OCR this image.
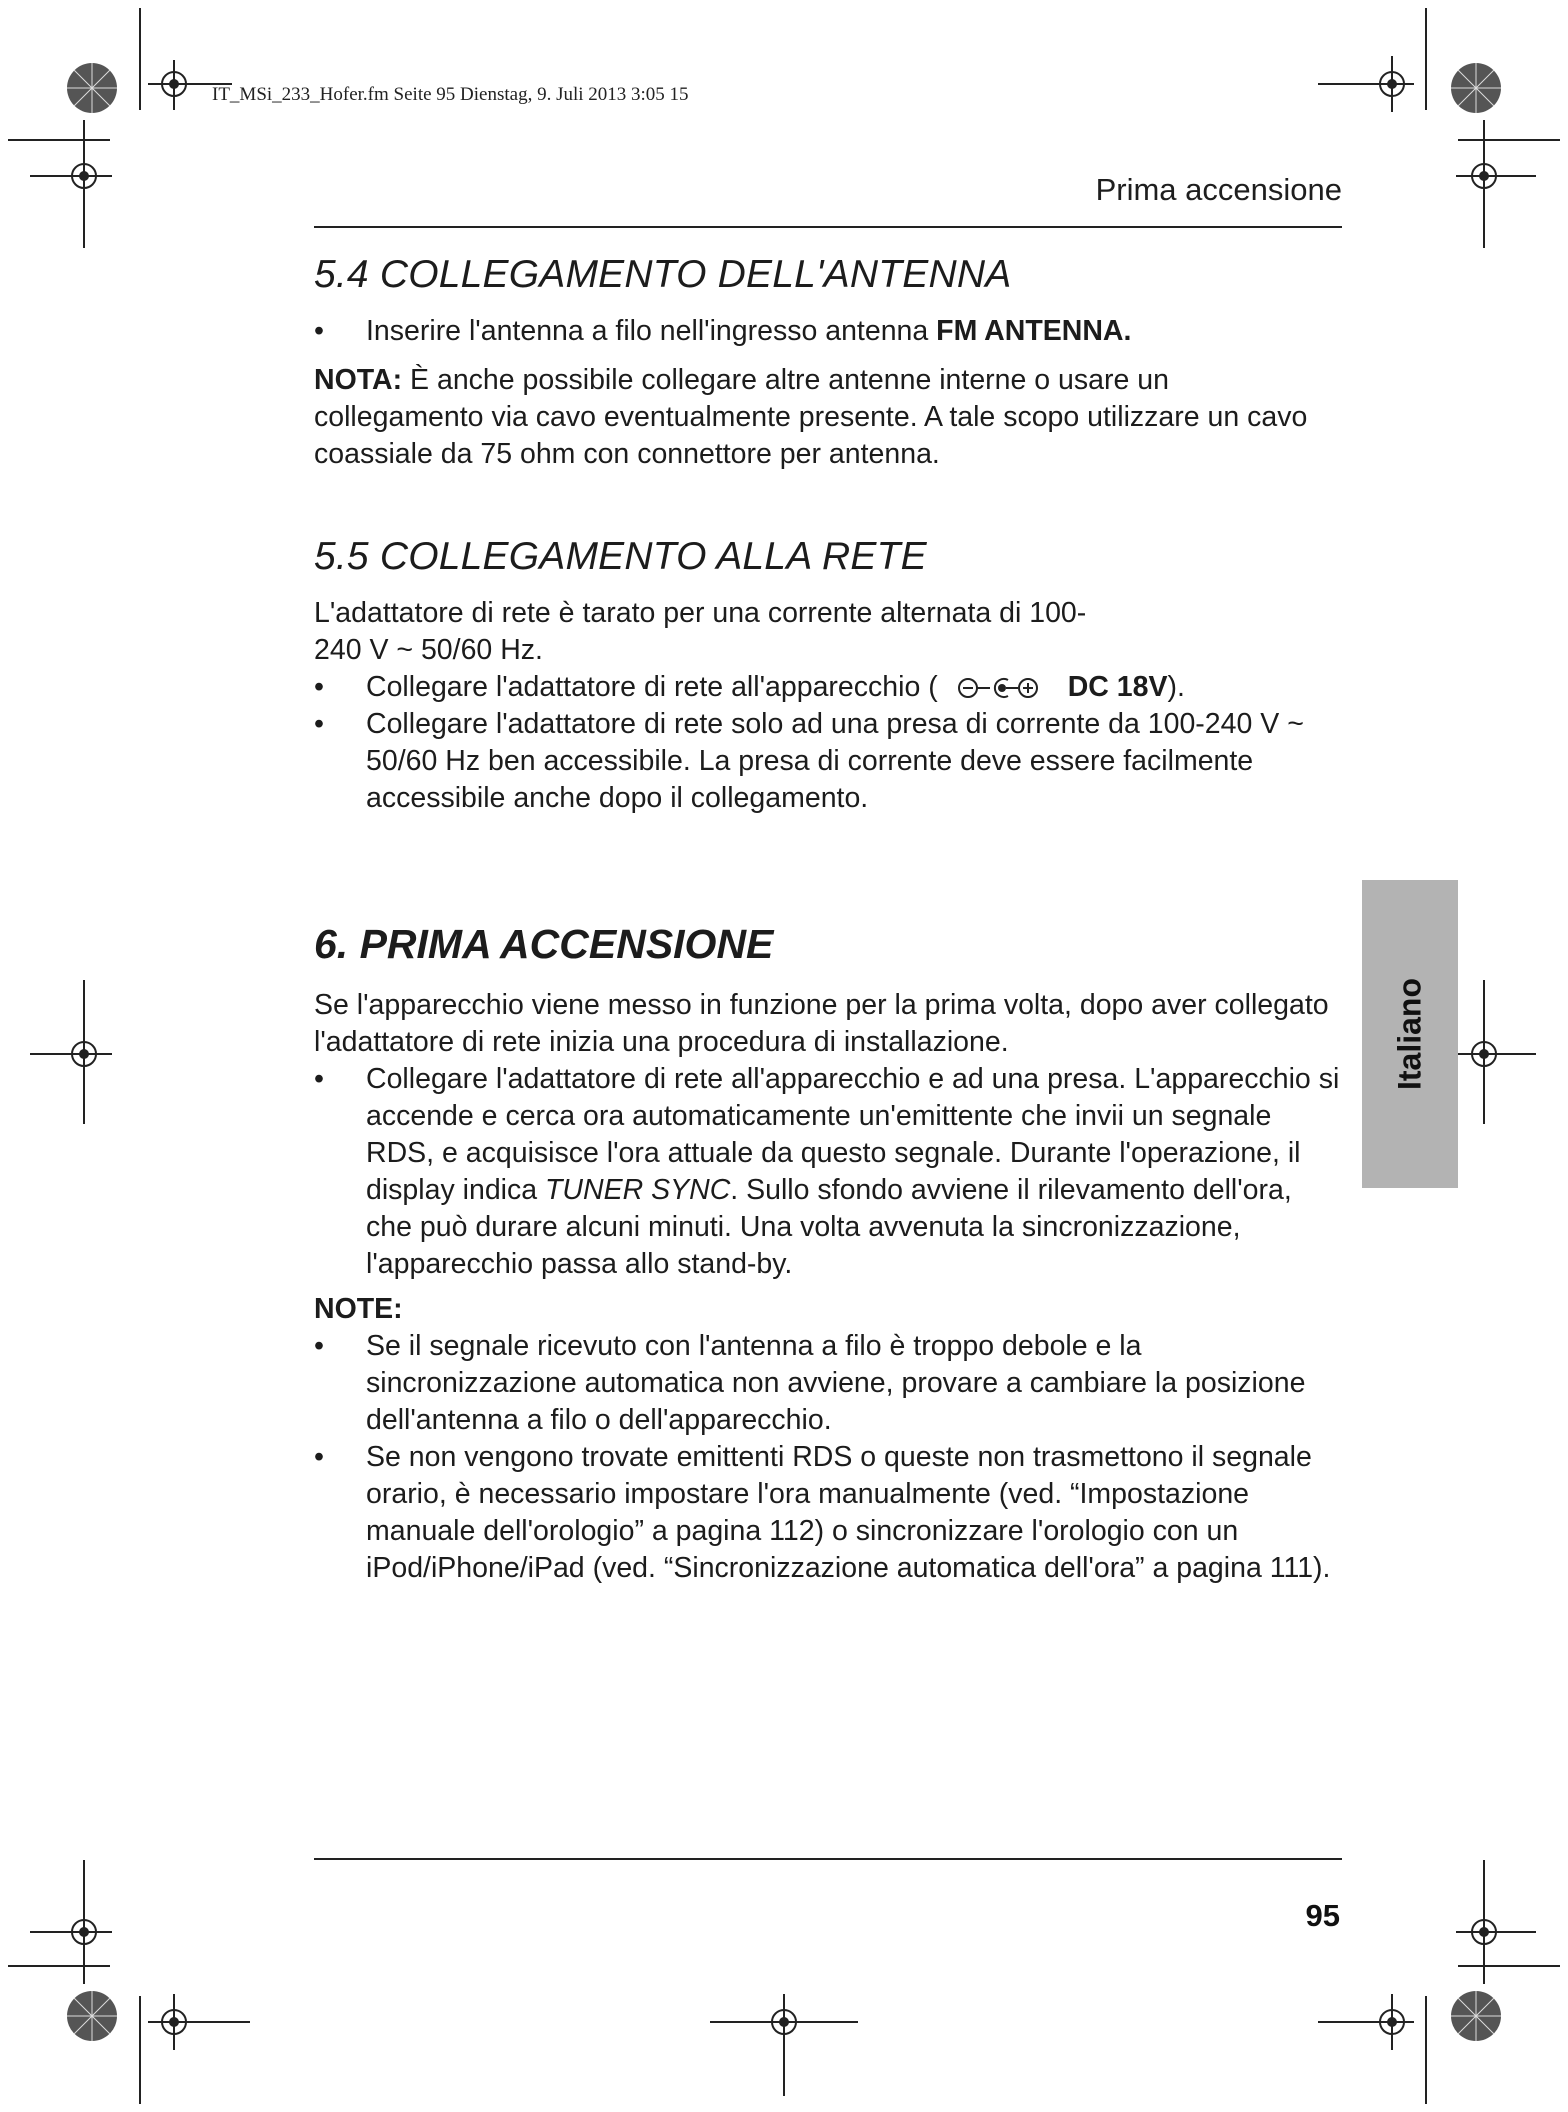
IT_MSi_233_Hofer.fm Seite 95 Dienstag, 9. Juli 2013 3:05 15
Prima accensione
5.4 COLLEGAMENTO DELL'ANTENNA

• Inserire l'antenna a filo nell'ingresso antenna FM ANTENNA.

NOTA: È anche possibile collegare altre antenne interne o usare un collegamento via cavo eventualmente presente. A tale scopo utilizzare un cavo coassiale da 75 ohm con connettore per antenna.

5.5 COLLEGAMENTO ALLA RETE

L'adattatore di rete è tarato per una corrente alternata di 100-240 V ~ 50/60 Hz.

• Collegare l'adattatore di rete all'apparecchio (	DC 18V).

• Collegare l'adattatore di rete solo ad una presa di corrente da 100-240 V ~ 50/60 Hz ben accessibile. La presa di corrente deve essere facilmente accessibile anche dopo il collegamento.

6. PRIMA ACCENSIONE

Se l'apparecchio viene messo in funzione per la prima volta, dopo aver collegato l'adattatore di rete inizia una procedura di installazione.

• Collegare l'adattatore di rete all'apparecchio e ad una presa. L'apparecchio si accende e cerca ora automaticamente un'emittente che invii un segnale RDS, e acquisisce l'ora attuale da questo segnale. Durante l'operazione, il display indica TUNER SYNC. Sullo sfondo avviene il rilevamento dell'ora, che può durare alcuni minuti. Una volta avvenuta la sincronizzazione, l'apparecchio passa allo stand-by.

NOTE:

• Se il segnale ricevuto con l'antenna a filo è troppo debole e la sincronizzazione automatica non avviene, provare a cambiare la posizione dell'antenna a filo o dell'apparecchio.

• Se non vengono trovate emittenti RDS o queste non trasmettono il segnale orario, è necessario impostare l'ora manualmente (ved. “Impostazione manuale dell'orologio” a pagina 112) o sincronizzare l'orologio con un iPod/iPhone/iPad (ved. “Sincronizzazione automatica dell'ora” a pagina 111).

Italiano
95
